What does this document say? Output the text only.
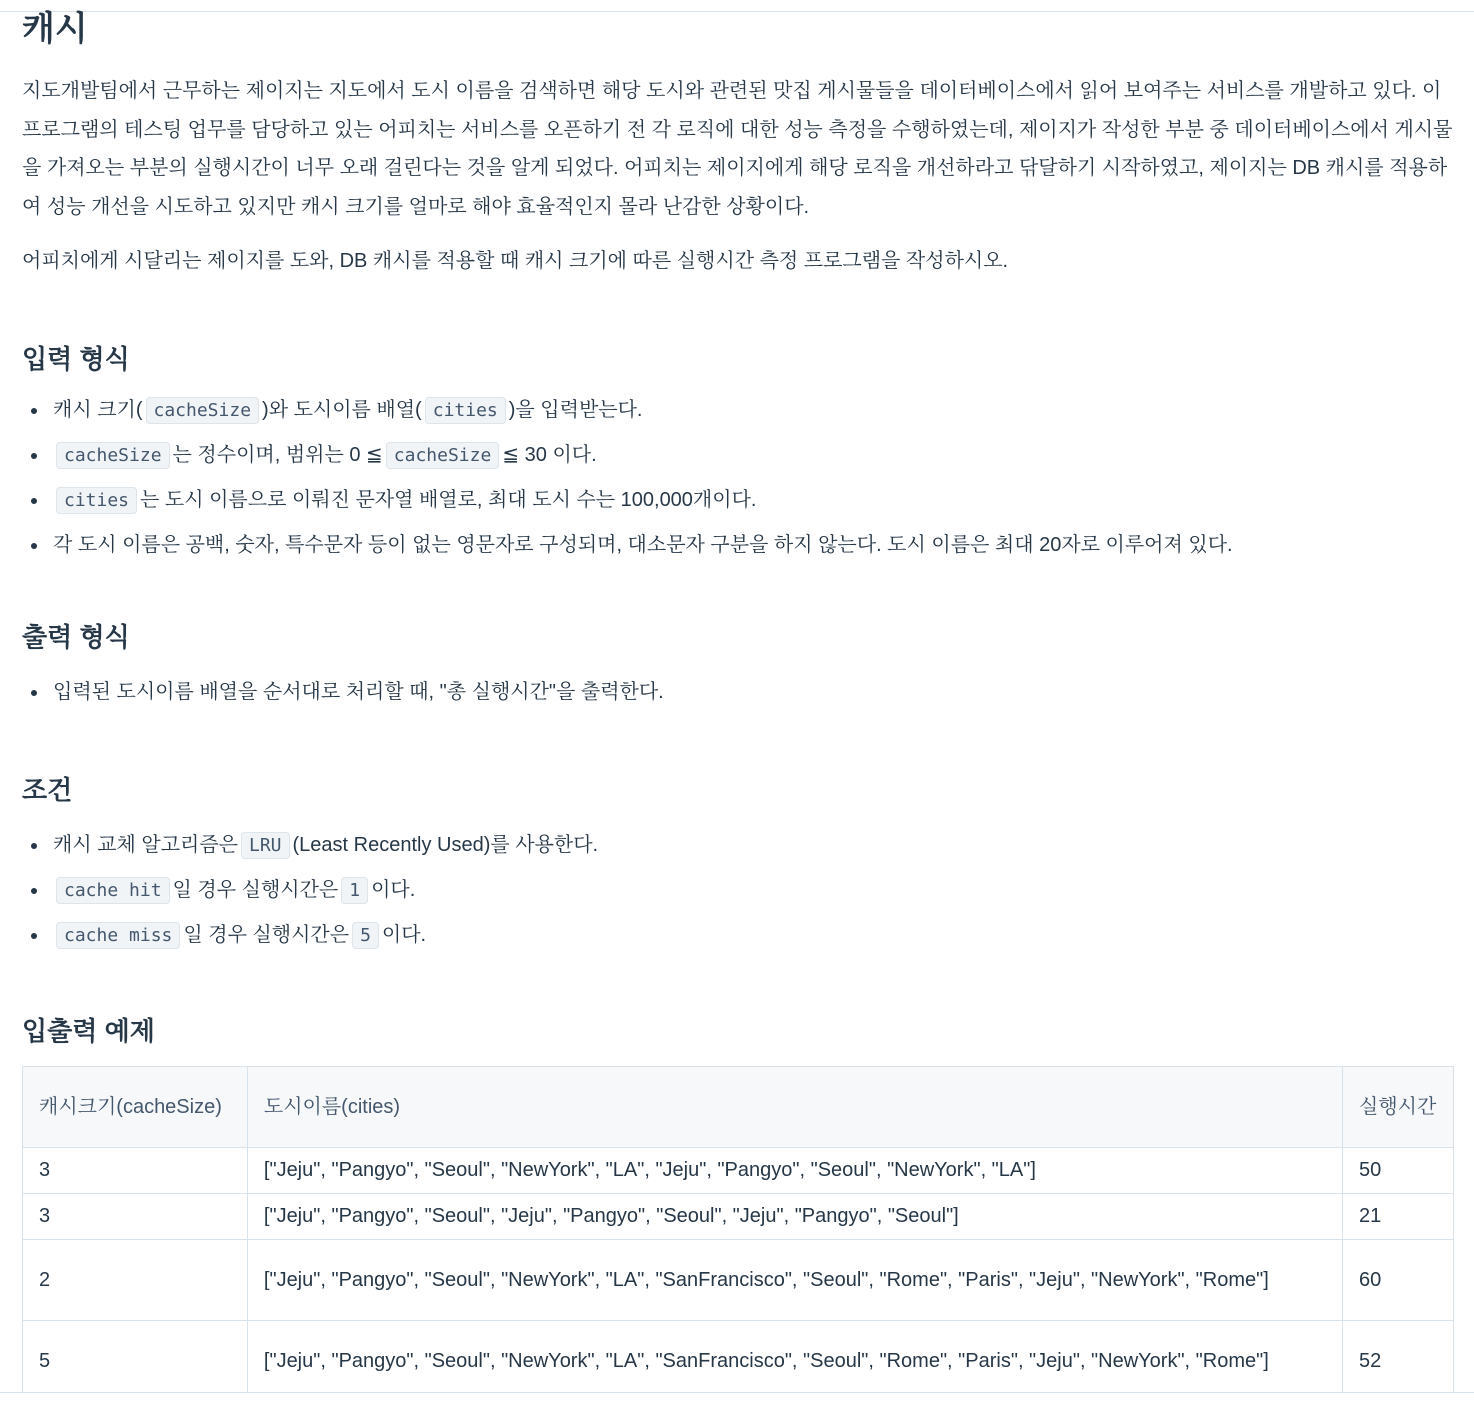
캐시

지도개발팀에서 근무하는 제이지는 지도에서 도시 이름을 검색하면 해당 도시와 관련된 맛집 게시물들을 데이터베이스에서 읽어 보여주는 서비스를 개발하고 있다. 이 프로그램의 테스팅 업무를 담당하고 있는 어피치는 서비스를 오픈하기 전 각 로직에 대한 성능 측정을 수행하였는데, 제이지가 작성한 부분 중 데이터베이스에서 게시물을 가져오는 부분의 실행시간이 너무 오래 걸린다는 것을 알게 되었다. 어피치는 제이지에게 해당 로직을 개선하라고 닦달하기 시작하였고, 제이지는 DB 캐시를 적용하여 성능 개선을 시도하고 있지만 캐시 크기를 얼마로 해야 효율적인지 몰라 난감한 상황이다.

어피치에게 시달리는 제이지를 도와, DB 캐시를 적용할 때 캐시 크기에 따른 실행시간 측정 프로그램을 작성하시오.

입력 형식
캐시 크기( cacheSize )와 도시이름 배열( cities )을 입력받는다.
cacheSize 는 정수이며, 범위는 0 ≦ cacheSize ≦ 30 이다.
cities 는 도시 이름으로 이뤄진 문자열 배열로, 최대 도시 수는 100,000개이다.
각 도시 이름은 공백, 숫자, 특수문자 등이 없는 영문자로 구성되며, 대소문자 구분을 하지 않는다. 도시 이름은 최대 20자로 이루어져 있다.
출력 형식
입력된 도시이름 배열을 순서대로 처리할 때, "총 실행시간"을 출력한다.
조건
캐시 교체 알고리즘은 LRU (Least Recently Used)를 사용한다.
cache hit 일 경우 실행시간은 1 이다.
cache miss 일 경우 실행시간은 5 이다.
입출력 예제
캐시크기(cacheSize)	도시이름(cities)	실행시간
3	["Jeju", "Pangyo", "Seoul", "NewYork", "LA", "Jeju", "Pangyo", "Seoul", "NewYork", "LA"]	50
3	["Jeju", "Pangyo", "Seoul", "Jeju", "Pangyo", "Seoul", "Jeju", "Pangyo", "Seoul"]	21
2	["Jeju", "Pangyo", "Seoul", "NewYork", "LA", "SanFrancisco", "Seoul", "Rome", "Paris", "Jeju", "NewYork", "Rome"]	60
5	["Jeju", "Pangyo", "Seoul", "NewYork", "LA", "SanFrancisco", "Seoul", "Rome", "Paris", "Jeju", "NewYork", "Rome"]	52
